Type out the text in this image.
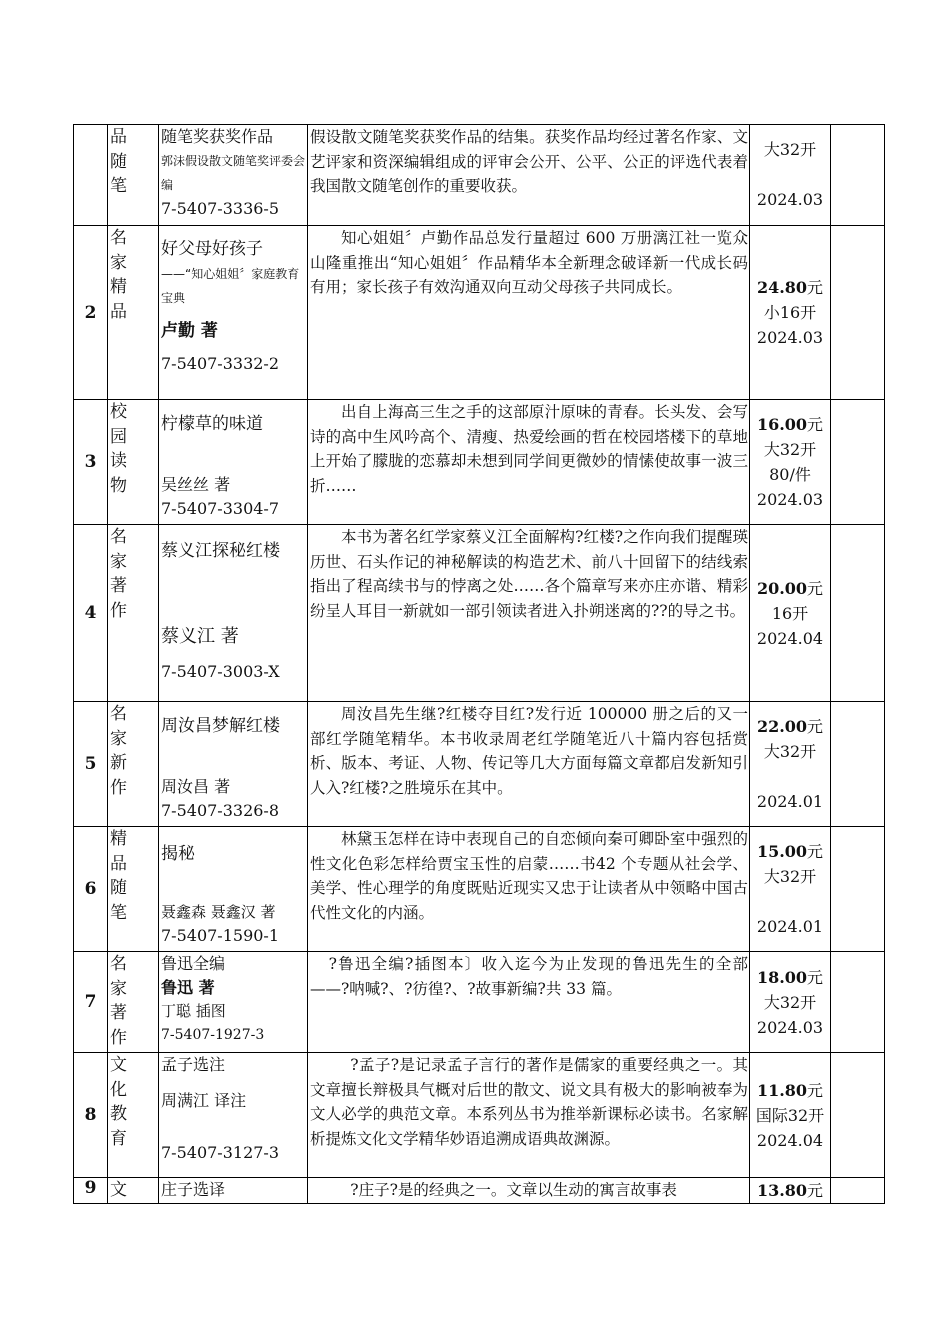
	品
随
笔	随笔奖获奖作品
郭沫假设散文随笔奖评委会 编
7-5407-3336-5	假设散文随笔奖获奖作品的结集。获奖作品均经过著名作家、文艺评家和资深编辑组成的评审会公开、公平、公正的评选代表着我国散文随笔创作的重要收获。	大32开
2024.03	

2	名
家
精
品	好父母好孩子
——“知心姐姐〞家庭教育宝典
卢勤 著
7-5407-3332-2	知心姐姐〞卢勤作品总发行量超过 600 万册漓江社一览众山隆重推出“知心姐姐〞作品精华本全新理念破译新一代成长码有用；家长孩子有效沟通双向互动父母孩子共同成长。	24.80元
小16开
2024.03	

3	校
园
读
物	柠檬草的味道
吴丝丝 著
7-5407-3304-7	出自上海高三生之手的这部原汁原味的青春。长头发、会写诗的高中生风吟高个、清瘦、热爱绘画的哲在校园塔楼下的草地上开始了朦胧的恋慕却未想到同学间更微妙的情愫使故事一波三折……	16.00元
大32开
80/件
2024.03	

4	名
家
著
作	蔡义江探秘红楼
蔡义江 著
7-5407-3003-X	本书为著名红学家蔡义江全面解构?红楼?之作向我们提醒瑛历世、石头作记的神秘解读的构造艺术、前八十回留下的结线索指出了程高续书与的悖离之处……各个篇章写来亦庄亦谐、精彩纷呈人耳目一新就如一部引领读者进入扑朔迷离的??的导之书。	20.00元
16开
2024.04	

5	名
家
新
作	周汝昌梦解红楼
周汝昌 著
7-5407-3326-8	周汝昌先生继?红楼夺目红?发行近 100000 册之后的又一部红学随笔精华。本书收录周老红学随笔近八十篇内容包括赏析、版本、考证、人物、传记等几大方面每篇文章都启发新知引人入?红楼?之胜境乐在其中。	22.00元
大32开
2024.01	

6	精
品
随
笔	揭秘
聂鑫森 聂鑫汉 著
7-5407-1590-1	林黛玉怎样在诗中表现自己的自恋倾向秦可卿卧室中强烈的性文化色彩怎样给贾宝玉性的启蒙……书42 个专题从社会学、美学、性心理学的角度既贴近现实又忠于让读者从中领略中国古代性文化的内涵。	15.00元
大32开
2024.01	

7	名
家
著
作	鲁迅全编
鲁迅 著
丁聪 插图
7-5407-1927-3	?鲁迅全编?插图本〕收入迄今为止发现的鲁迅先生的全部——?呐喊?、?彷徨?、?故事新编?共 33 篇。	18.00元
大32开
2024.03	

8	文
化
教
育	孟子选注
周满江 译注
7-5407-3127-3	?孟子?是记录孟子言行的著作是儒家的重要经典之一。其文章擅长辩极具气概对后世的散文、说文具有极大的影响被奉为文人必学的典范文章。本系列丛书为推举新课标必读书。名家解析提炼文化文学精华妙语追溯成语典故渊源。	11.80元
国际32开
2024.04	

9	文	庄子选译	?庄子?是的经典之一。文章以生动的寓言故事表	13.80元	
